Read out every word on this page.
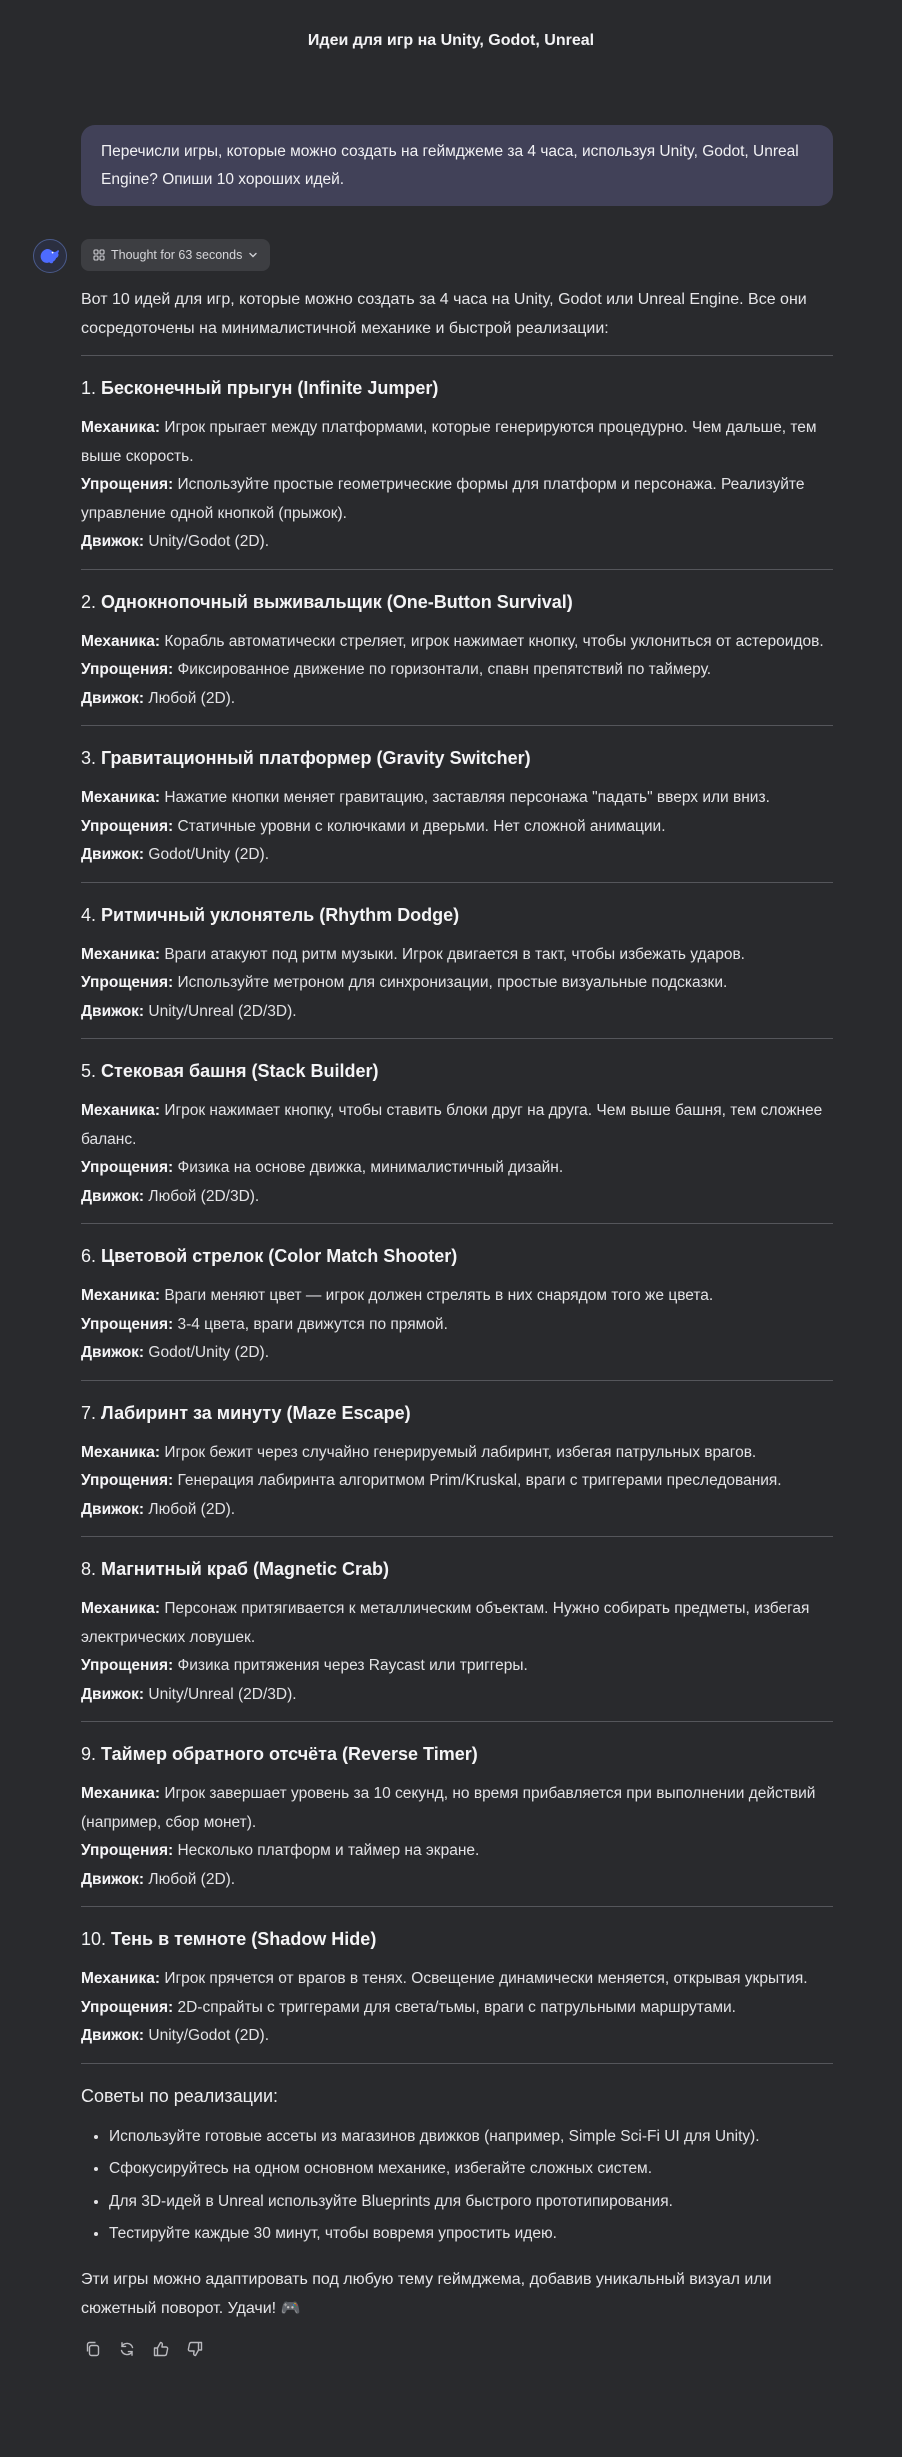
Идеи для игр на Unity, Godot, Unreal
Перечисли игры, которые можно создать на геймджеме за 4 часа, используя Unity, Godot, Unreal Engine? Опиши 10 хороших идей.
Thought for 63 seconds
Вот 10 идей для игр, которые можно создать за 4 часа на Unity, Godot или Unreal Engine. Все они сосредоточены на минималистичной механике и быстрой реализации:
1. Бесконечный прыгун (Infinite Jumper)

Механика: Игрок прыгает между платформами, которые генерируются процедурно. Чем дальше, тем выше скорость.

Упрощения: Используйте простые геометрические формы для платформ и персонажа. Реализуйте управление одной кнопкой (прыжок).

Движок: Unity/Godot (2D).

2. Однокнопочный выживальщик (One-Button Survival)

Механика: Корабль автоматически стреляет, игрок нажимает кнопку, чтобы уклониться от астероидов.

Упрощения: Фиксированное движение по горизонтали, спавн препятствий по таймеру.

Движок: Любой (2D).

3. Гравитационный платформер (Gravity Switcher)

Механика: Нажатие кнопки меняет гравитацию, заставляя персонажа "падать" вверх или вниз.

Упрощения: Статичные уровни с колючками и дверьми. Нет сложной анимации.

Движок: Godot/Unity (2D).

4. Ритмичный уклонятель (Rhythm Dodge)

Механика: Враги атакуют под ритм музыки. Игрок двигается в такт, чтобы избежать ударов.

Упрощения: Используйте метроном для синхронизации, простые визуальные подсказки.

Движок: Unity/Unreal (2D/3D).

5. Стековая башня (Stack Builder)

Механика: Игрок нажимает кнопку, чтобы ставить блоки друг на друга. Чем выше башня, тем сложнее баланс.

Упрощения: Физика на основе движка, минималистичный дизайн.

Движок: Любой (2D/3D).

6. Цветовой стрелок (Color Match Shooter)

Механика: Враги меняют цвет — игрок должен стрелять в них снарядом того же цвета.

Упрощения: 3-4 цвета, враги движутся по прямой.

Движок: Godot/Unity (2D).

7. Лабиринт за минуту (Maze Escape)

Механика: Игрок бежит через случайно генерируемый лабиринт, избегая патрульных врагов.

Упрощения: Генерация лабиринта алгоритмом Prim/Kruskal, враги с триггерами преследования.

Движок: Любой (2D).

8. Магнитный краб (Magnetic Crab)

Механика: Персонаж притягивается к металлическим объектам. Нужно собирать предметы, избегая электрических ловушек.

Упрощения: Физика притяжения через Raycast или триггеры.

Движок: Unity/Unreal (2D/3D).

9. Таймер обратного отсчёта (Reverse Timer)

Механика: Игрок завершает уровень за 10 секунд, но время прибавляется при выполнении действий (например, сбор монет).

Упрощения: Несколько платформ и таймер на экране.

Движок: Любой (2D).

10. Тень в темноте (Shadow Hide)

Механика: Игрок прячется от врагов в тенях. Освещение динамически меняется, открывая укрытия.

Упрощения: 2D-спрайты с триггерами для света/тьмы, враги с патрульными маршрутами.

Движок: Unity/Godot (2D).

Советы по реализации:
• Используйте готовые ассеты из магазинов движков (например, Simple Sci-Fi UI для Unity).
• Сфокусируйтесь на одном основном механике, избегайте сложных систем.
• Для 3D-идей в Unreal используйте Blueprints для быстрого прототипирования.
• Тестируйте каждые 30 минут, чтобы вовремя упростить идею.
Эти игры можно адаптировать под любую тему геймджема, добавив уникальный визуал или сюжетный поворот. Удачи! 🎮
